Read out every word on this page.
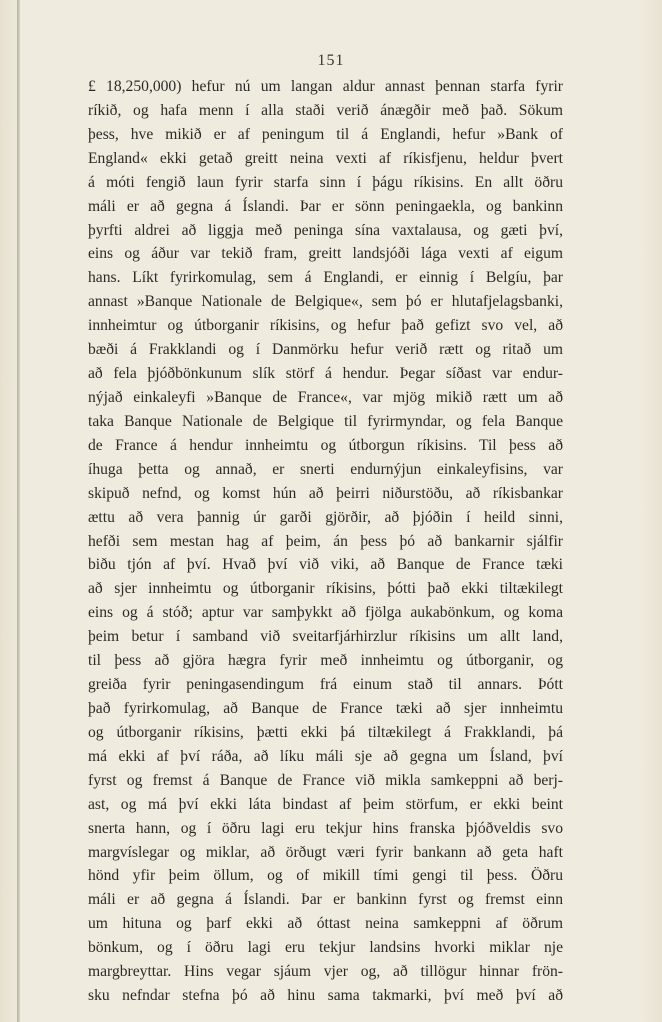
151
£ 18,250,000) hefur nú um langan aldur annast þennan starfa fyrir
ríkið, og hafa menn í alla staði verið ánægðir með það. Sökum
þess, hve mikið er af peningum til á Englandi, hefur »Bank of
England« ekki getað greitt neina vexti af ríkisfjenu, heldur þvert
á móti fengið laun fyrir starfa sinn í þágu ríkisins. En allt öðru
máli er að gegna á Íslandi. Þar er sönn peningaekla, og bankinn
þyrfti aldrei að liggja með peninga sína vaxtalausa, og gæti því,
eins og áður var tekið fram, greitt landsjóði lága vexti af eigum
hans. Líkt fyrirkomulag, sem á Englandi, er einnig í Belgíu, þar
annast »Banque Nationale de Belgique«, sem þó er hlutafjelagsbanki,
innheimtur og útborganir ríkisins, og hefur það gefizt svo vel, að
bæði á Frakklandi og í Danmörku hefur verið rætt og ritað um
að fela þjóðbönkunum slík störf á hendur. Þegar síðast var endur-
nýjað einkaleyfi »Banque de France«, var mjög mikið rætt um að
taka Banque Nationale de Belgique til fyrirmyndar, og fela Banque
de France á hendur innheimtu og útborgun ríkisins. Til þess að
íhuga þetta og annað, er snerti endurnýjun einkaleyfisins, var
skipuð nefnd, og komst hún að þeirri niðurstöðu, að ríkisbankar
ættu að vera þannig úr garði gjörðir, að þjóðin í heild sinni,
hefði sem mestan hag af þeim, án þess þó að bankarnir sjálfir
biðu tjón af því. Hvað því við viki, að Banque de France tæki
að sjer innheimtu og útborganir ríkisins, þótti það ekki tiltækilegt
eins og á stóð; aptur var samþykkt að fjölga aukabönkum, og koma
þeim betur í samband við sveitarfjárhirzlur ríkisins um allt land,
til þess að gjöra hægra fyrir með innheimtu og útborganir, og
greiða fyrir peningasendingum frá einum stað til annars. Þótt
það fyrirkomulag, að Banque de France tæki að sjer innheimtu
og útborganir ríkisins, þætti ekki þá tiltækilegt á Frakklandi, þá
má ekki af því ráða, að líku máli sje að gegna um Ísland, því
fyrst og fremst á Banque de France við mikla samkeppni að berj-
ast, og má því ekki láta bindast af þeim störfum, er ekki beint
snerta hann, og í öðru lagi eru tekjur hins franska þjóðveldis svo
margvíslegar og miklar, að örðugt væri fyrir bankann að geta haft
hönd yfir þeim öllum, og of mikill tími gengi til þess. Öðru
máli er að gegna á Íslandi. Þar er bankinn fyrst og fremst einn
um hituna og þarf ekki að óttast neina samkeppni af öðrum
bönkum, og í öðru lagi eru tekjur landsins hvorki miklar nje
margbreyttar. Hins vegar sjáum vjer og, að tillögur hinnar frön-
sku nefndar stefna þó að hinu sama takmarki, því með því að
